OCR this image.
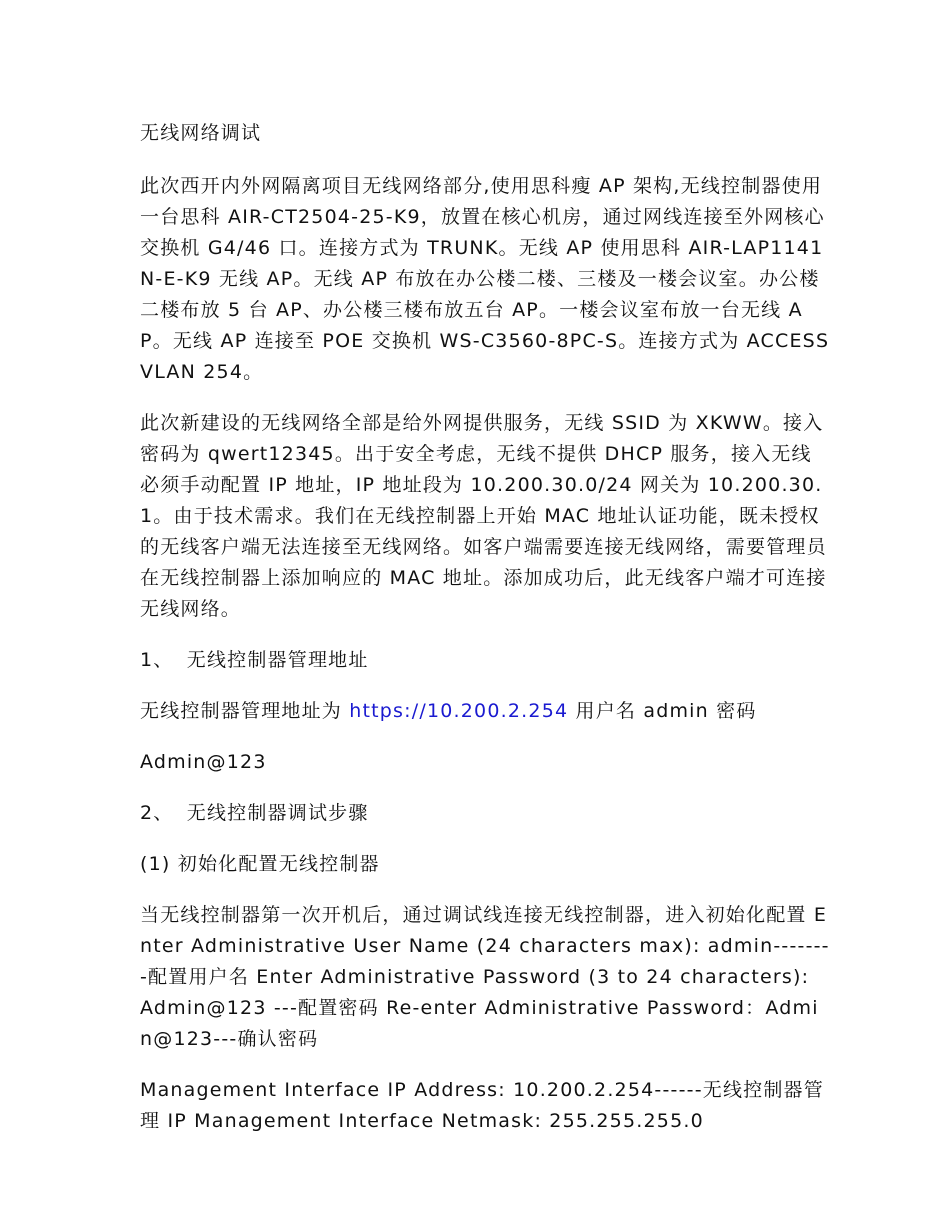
无线网络调试

此次西开内外网隔离项目无线网络部分,使用思科瘦 AP 架构,无线控制器使用一台思科 AIR-CT2504-25-K9，放置在核心机房，通过网线连接至外网核心交换机 G4/46 口。连接方式为 TRUNK。无线 AP 使用思科 AIR-LAP1141N-E-K9 无线 AP。无线 AP 布放在办公楼二楼、三楼及一楼会议室。办公楼二楼布放 5 台 AP、办公楼三楼布放五台 AP。一楼会议室布放一台无线 AP。无线 AP 连接至 POE 交换机 WS-C3560-8PC-S。连接方式为 ACCESS VLAN 254。

此次新建设的无线网络全部是给外网提供服务，无线 SSID 为 XKWW。接入密码为 qwert12345。出于安全考虑，无线不提供 DHCP 服务，接入无线必须手动配置 IP 地址，IP 地址段为 10.200.30.0/24 网关为 10.200.30.1。由于技术需求。我们在无线控制器上开始 MAC 地址认证功能，既未授权的无线客户端无法连接至无线网络。如客户端需要连接无线网络，需要管理员在无线控制器上添加响应的 MAC 地址。添加成功后，此无线客户端才可连接无线网络。

1、 无线控制器管理地址

无线控制器管理地址为 https://10.200.2.254 用户名 admin 密码

Admin@123

2、 无线控制器调试步骤

(1) 初始化配置无线控制器

当无线控制器第一次开机后，通过调试线连接无线控制器，进入初始化配置 Enter Administrative User Name (24 characters max): admin--------配置用户名 Enter Administrative Password (3 to 24 characters): Admin@123 ---配置密码 Re-enter Administrative Password：Admin@123---确认密码

Management Interface IP Address: 10.200.2.254------无线控制器管理 IP Management Interface Netmask: 255.255.255.0
